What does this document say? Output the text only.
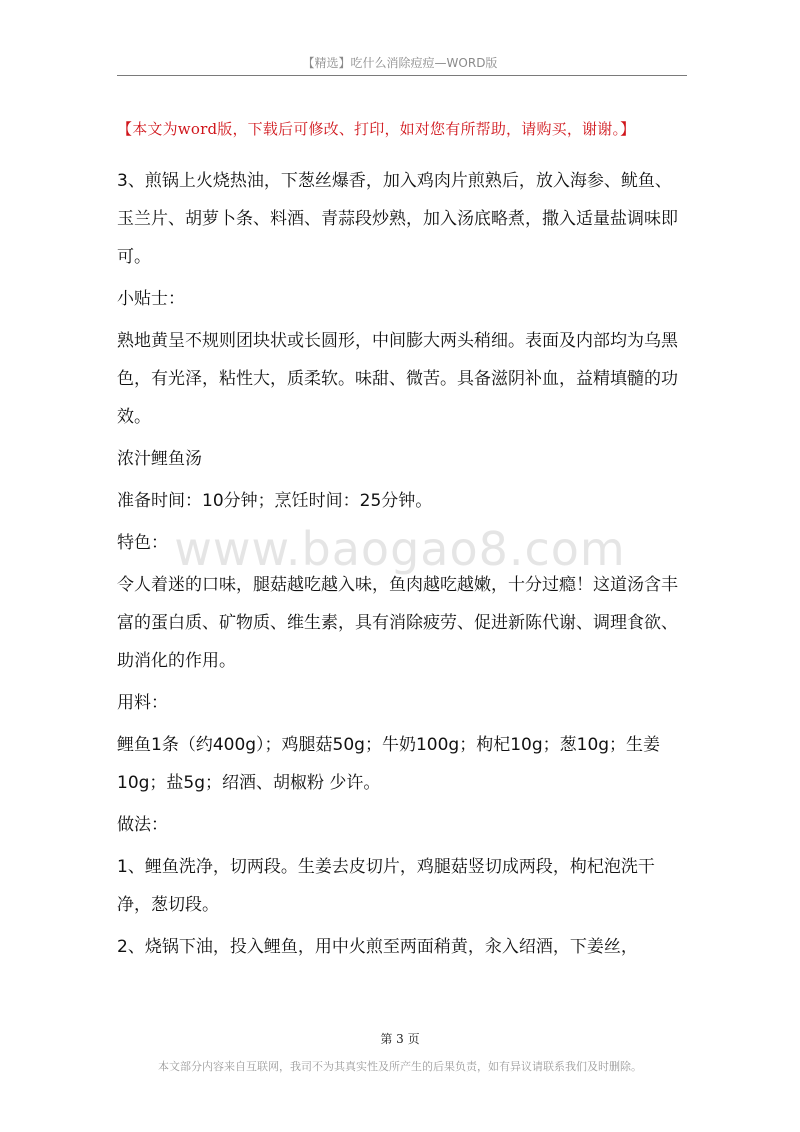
【精选】吃什么消除痘痘—WORD版
【本文为word版，下载后可修改、打印，如对您有所帮助，请购买，谢谢。】

3、煎锅上火烧热油，下葱丝爆香，加入鸡肉片煎熟后，放入海参、鱿鱼、玉兰片、胡萝卜条、料酒、青蒜段炒熟，加入汤底略煮，撒入适量盐调味即可。

小贴士：

熟地黄呈不规则团块状或长圆形，中间膨大两头稍细。表面及内部均为乌黑色，有光泽，粘性大，质柔软。味甜、微苦。具备滋阴补血，益精填髓的功效。

浓汁鲤鱼汤

准备时间：10分钟；烹饪时间：25分钟。

特色：

令人着迷的口味，腿菇越吃越入味，鱼肉越吃越嫩，十分过瘾！这道汤含丰富的蛋白质、矿物质、维生素，具有消除疲劳、促进新陈代谢、调理食欲、助消化的作用。

用料：

鲤鱼1条（约400g）；鸡腿菇50g；牛奶100g；枸杞10g；葱10g；生姜10g；盐5g；绍酒、胡椒粉 少许。

做法：

1、鲤鱼洗净，切两段。生姜去皮切片，鸡腿菇竖切成两段，枸杞泡洗干净，葱切段。

2、烧锅下油，投入鲤鱼，用中火煎至两面稍黄，汆入绍酒，下姜丝，

www.baogao8.com
第 3 页
本文部分内容来自互联网，我司不为其真实性及所产生的后果负责，如有异议请联系我们及时删除。
